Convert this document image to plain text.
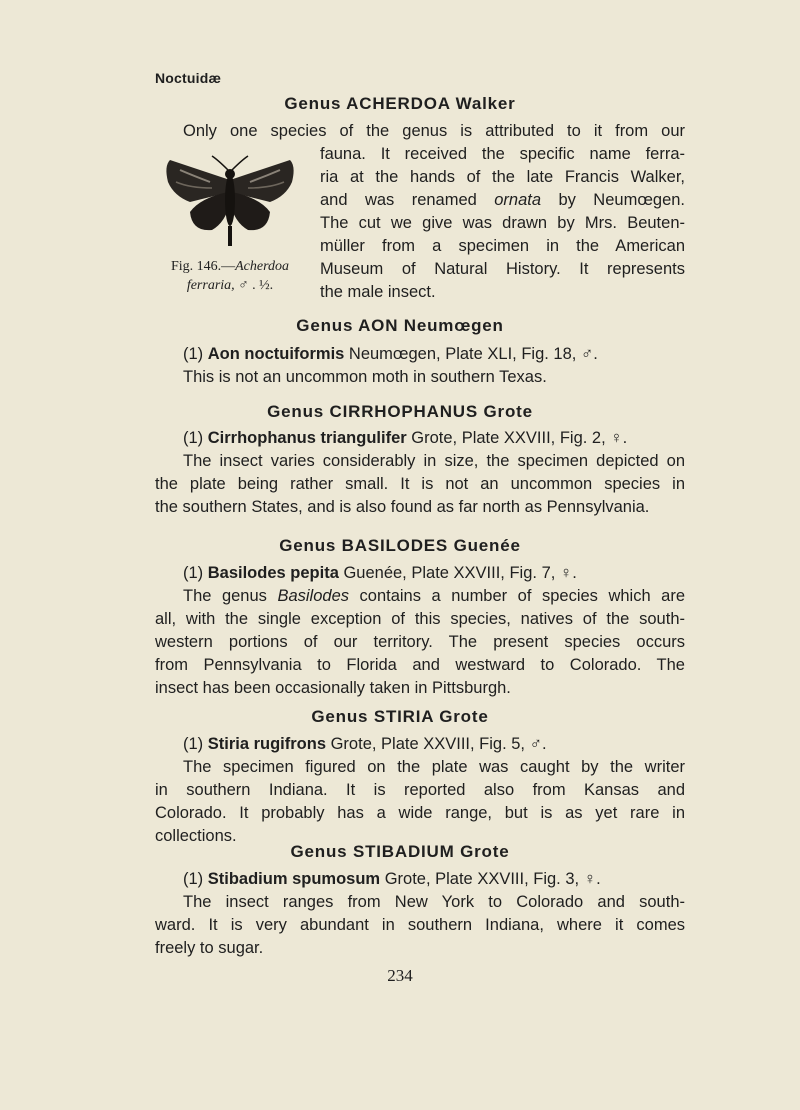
Noctuidæ
Genus ACHERDOA Walker
Only one species of the genus is attributed to it from our
Fig. 146.—Acherdoa
ferraria, ♂ . ½.
fauna. It received the specific name ferra-
ria at the hands of the late Francis Walker,
and was renamed ornata by Neumœgen.
The cut we give was drawn by Mrs. Beuten-
müller from a specimen in the American
Museum of Natural History. It represents
the male insect.
Genus AON Neumœgen
(1) Aon noctuiformis Neumœgen, Plate XLI, Fig. 18, ♂.
This is not an uncommon moth in southern Texas.
Genus CIRRHOPHANUS Grote
(1) Cirrhophanus triangulifer Grote, Plate XXVIII, Fig. 2, ♀.
The insect varies considerably in size, the specimen depicted on
the plate being rather small. It is not an uncommon species in
the southern States, and is also found as far north as Pennsylvania.
Genus BASILODES Guenée
(1) Basilodes pepita Guenée, Plate XXVIII, Fig. 7, ♀.
The genus Basilodes contains a number of species which are
all, with the single exception of this species, natives of the south-
western portions of our territory. The present species occurs
from Pennsylvania to Florida and westward to Colorado. The
insect has been occasionally taken in Pittsburgh.
Genus STIRIA Grote
(1) Stiria rugifrons Grote, Plate XXVIII, Fig. 5, ♂.
The specimen figured on the plate was caught by the writer
in southern Indiana. It is reported also from Kansas and
Colorado. It probably has a wide range, but is as yet rare in
collections.
Genus STIBADIUM Grote
(1) Stibadium spumosum Grote, Plate XXVIII, Fig. 3, ♀.
The insect ranges from New York to Colorado and south-
ward. It is very abundant in southern Indiana, where it comes
freely to sugar.
234
